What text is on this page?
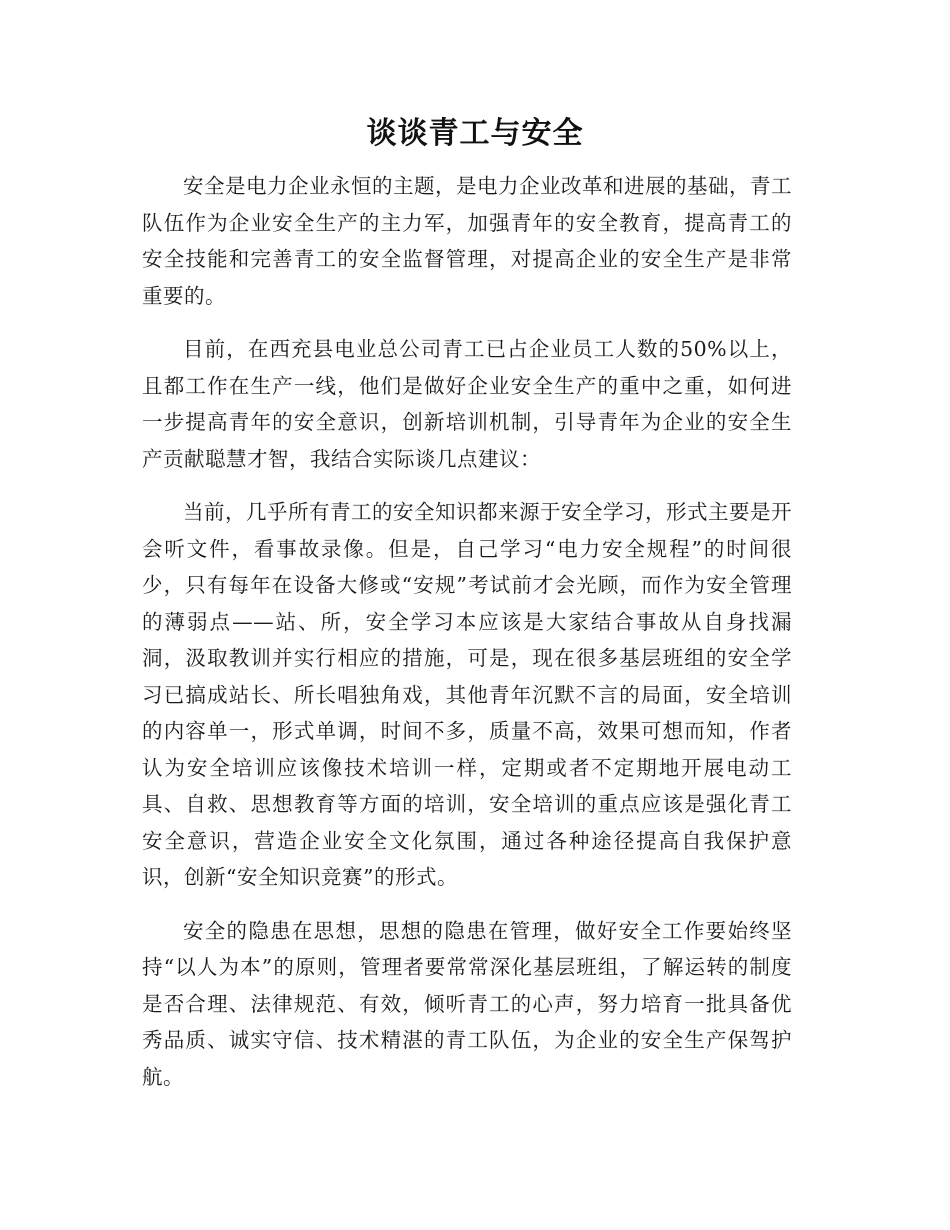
谈谈青工与安全

安全是电力企业永恒的主题，是电力企业改革和进展的基础，青工队伍作为企业安全生产的主力军，加强青年的安全教育，提高青工的安全技能和完善青工的安全监督管理，对提高企业的安全生产是非常重要的。

目前，在西充县电业总公司青工已占企业员工人数的50%以上，且都工作在生产一线，他们是做好企业安全生产的重中之重，如何进一步提高青年的安全意识，创新培训机制，引导青年为企业的安全生产贡献聪慧才智，我结合实际谈几点建议：

当前，几乎所有青工的安全知识都来源于安全学习，形式主要是开会听文件，看事故录像。但是，自己学习“电力安全规程”的时间很少，只有每年在设备大修或“安规”考试前才会光顾，而作为安全管理的薄弱点——站、所，安全学习本应该是大家结合事故从自身找漏洞，汲取教训并实行相应的措施，可是，现在很多基层班组的安全学习已搞成站长、所长唱独角戏，其他青年沉默不言的局面，安全培训的内容单一，形式单调，时间不多，质量不高，效果可想而知，作者认为安全培训应该像技术培训一样，定期或者不定期地开展电动工具、自救、思想教育等方面的培训，安全培训的重点应该是强化青工安全意识，营造企业安全文化氛围，通过各种途径提高自我保护意识，创新“安全知识竞赛”的形式。

安全的隐患在思想，思想的隐患在管理，做好安全工作要始终坚持“以人为本”的原则，管理者要常常深化基层班组，了解运转的制度是否合理、法律规范、有效，倾听青工的心声，努力培育一批具备优秀品质、诚实守信、技术精湛的青工队伍，为企业的安全生产保驾护航。
